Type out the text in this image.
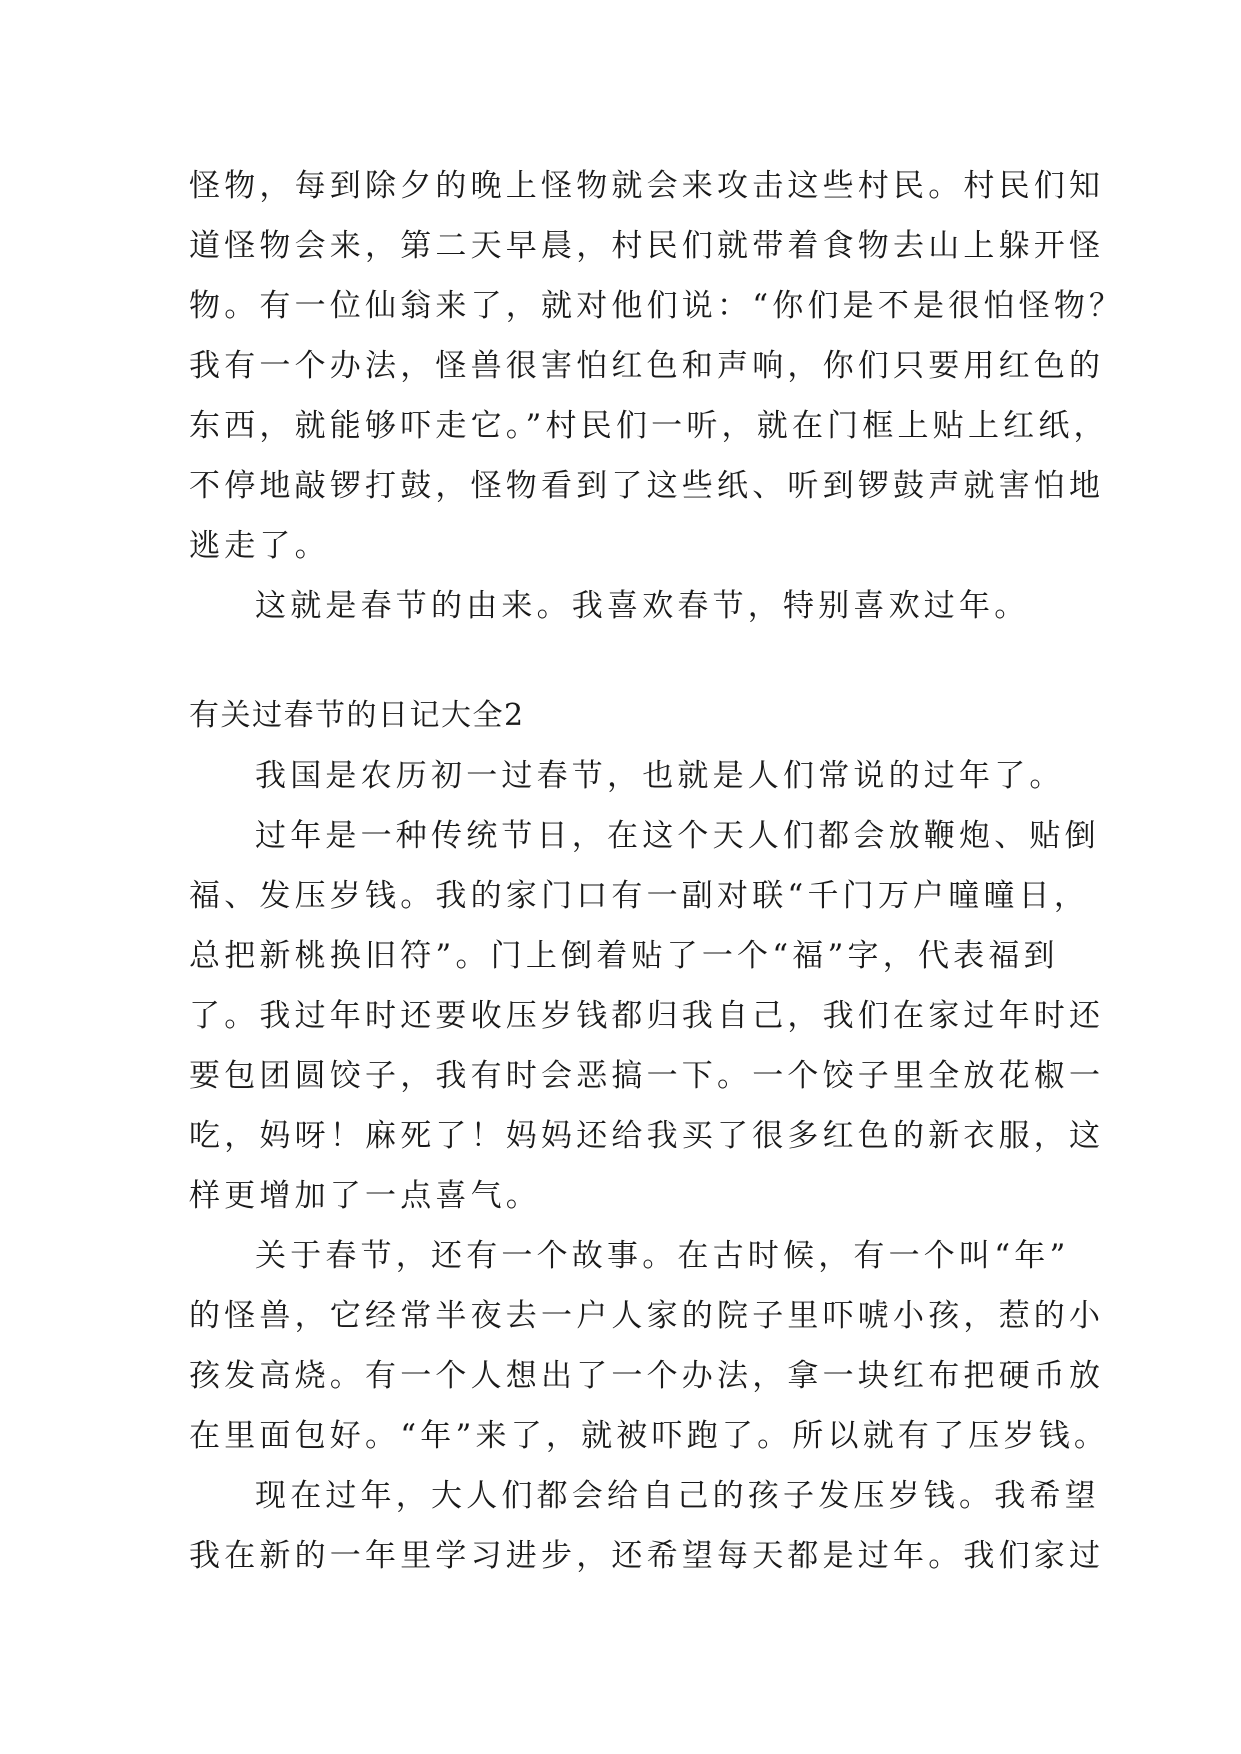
怪物，每到除夕的晚上怪物就会来攻击这些村民。村民们知
道怪物会来，第二天早晨，村民们就带着食物去山上躲开怪
物。有一位仙翁来了，就对他们说：“你们是不是很怕怪物？
我有一个办法，怪兽很害怕红色和声响，你们只要用红色的
东西，就能够吓走它。”村民们一听，就在门框上贴上红纸，
不停地敲锣打鼓，怪物看到了这些纸、听到锣鼓声就害怕地
逃走了。
这就是春节的由来。我喜欢春节，特别喜欢过年。
有关过春节的日记大全2
我国是农历初一过春节，也就是人们常说的过年了。
过年是一种传统节日，在这个天人们都会放鞭炮、贴倒
福、发压岁钱。我的家门口有一副对联“千门万户曈曈日，
总把新桃换旧符”。门上倒着贴了一个“福”字，代表福到
了。我过年时还要收压岁钱都归我自己，我们在家过年时还
要包团圆饺子，我有时会恶搞一下。一个饺子里全放花椒一
吃，妈呀！麻死了！妈妈还给我买了很多红色的新衣服，这
样更增加了一点喜气。
关于春节，还有一个故事。在古时候，有一个叫“年”
的怪兽，它经常半夜去一户人家的院子里吓唬小孩，惹的小
孩发高烧。有一个人想出了一个办法，拿一块红布把硬币放
在里面包好。“年”来了，就被吓跑了。所以就有了压岁钱。
现在过年，大人们都会给自己的孩子发压岁钱。我希望
我在新的一年里学习进步，还希望每天都是过年。我们家过
